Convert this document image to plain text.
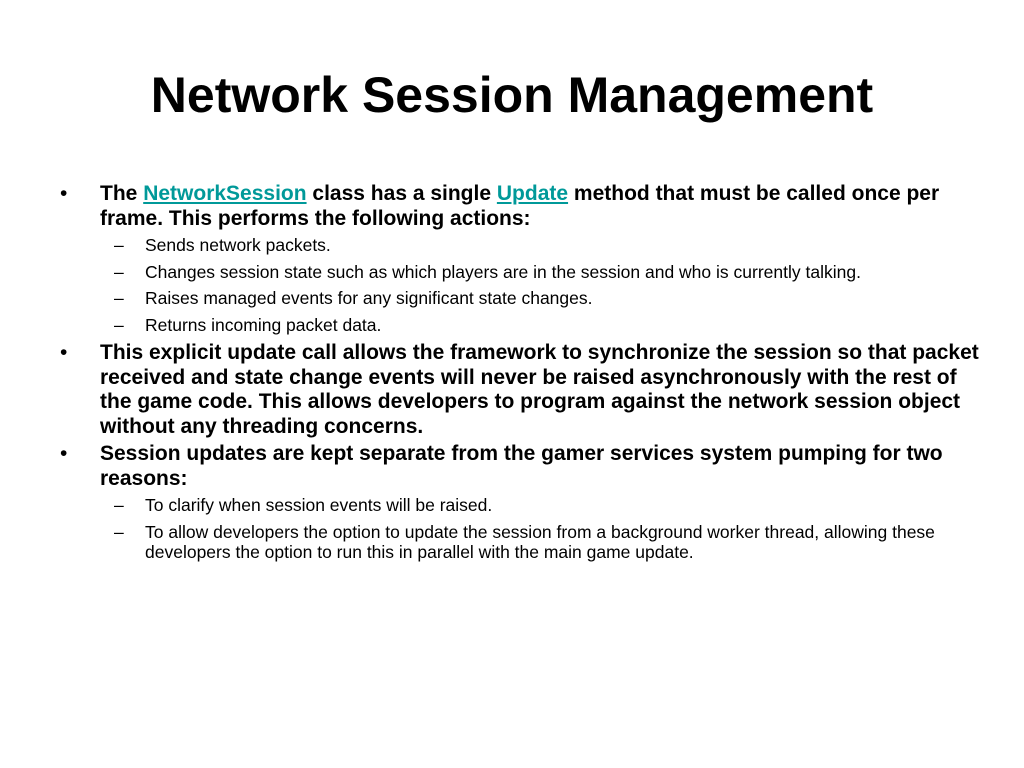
Network Session Management
• The NetworkSession class has a single Update method that must be called once per frame. This performs the following actions:
– Sends network packets.
– Changes session state such as which players are in the session and who is currently talking.
– Raises managed events for any significant state changes.
– Returns incoming packet data.
• This explicit update call allows the framework to synchronize the session so that packet received and state change events will never be raised asynchronously with the rest of the game code. This allows developers to program against the network session object without any threading concerns.
• Session updates are kept separate from the gamer services system pumping for two reasons:
– To clarify when session events will be raised.
– To allow developers the option to update the session from a background worker thread, allowing these developers the option to run this in parallel with the main game update.
